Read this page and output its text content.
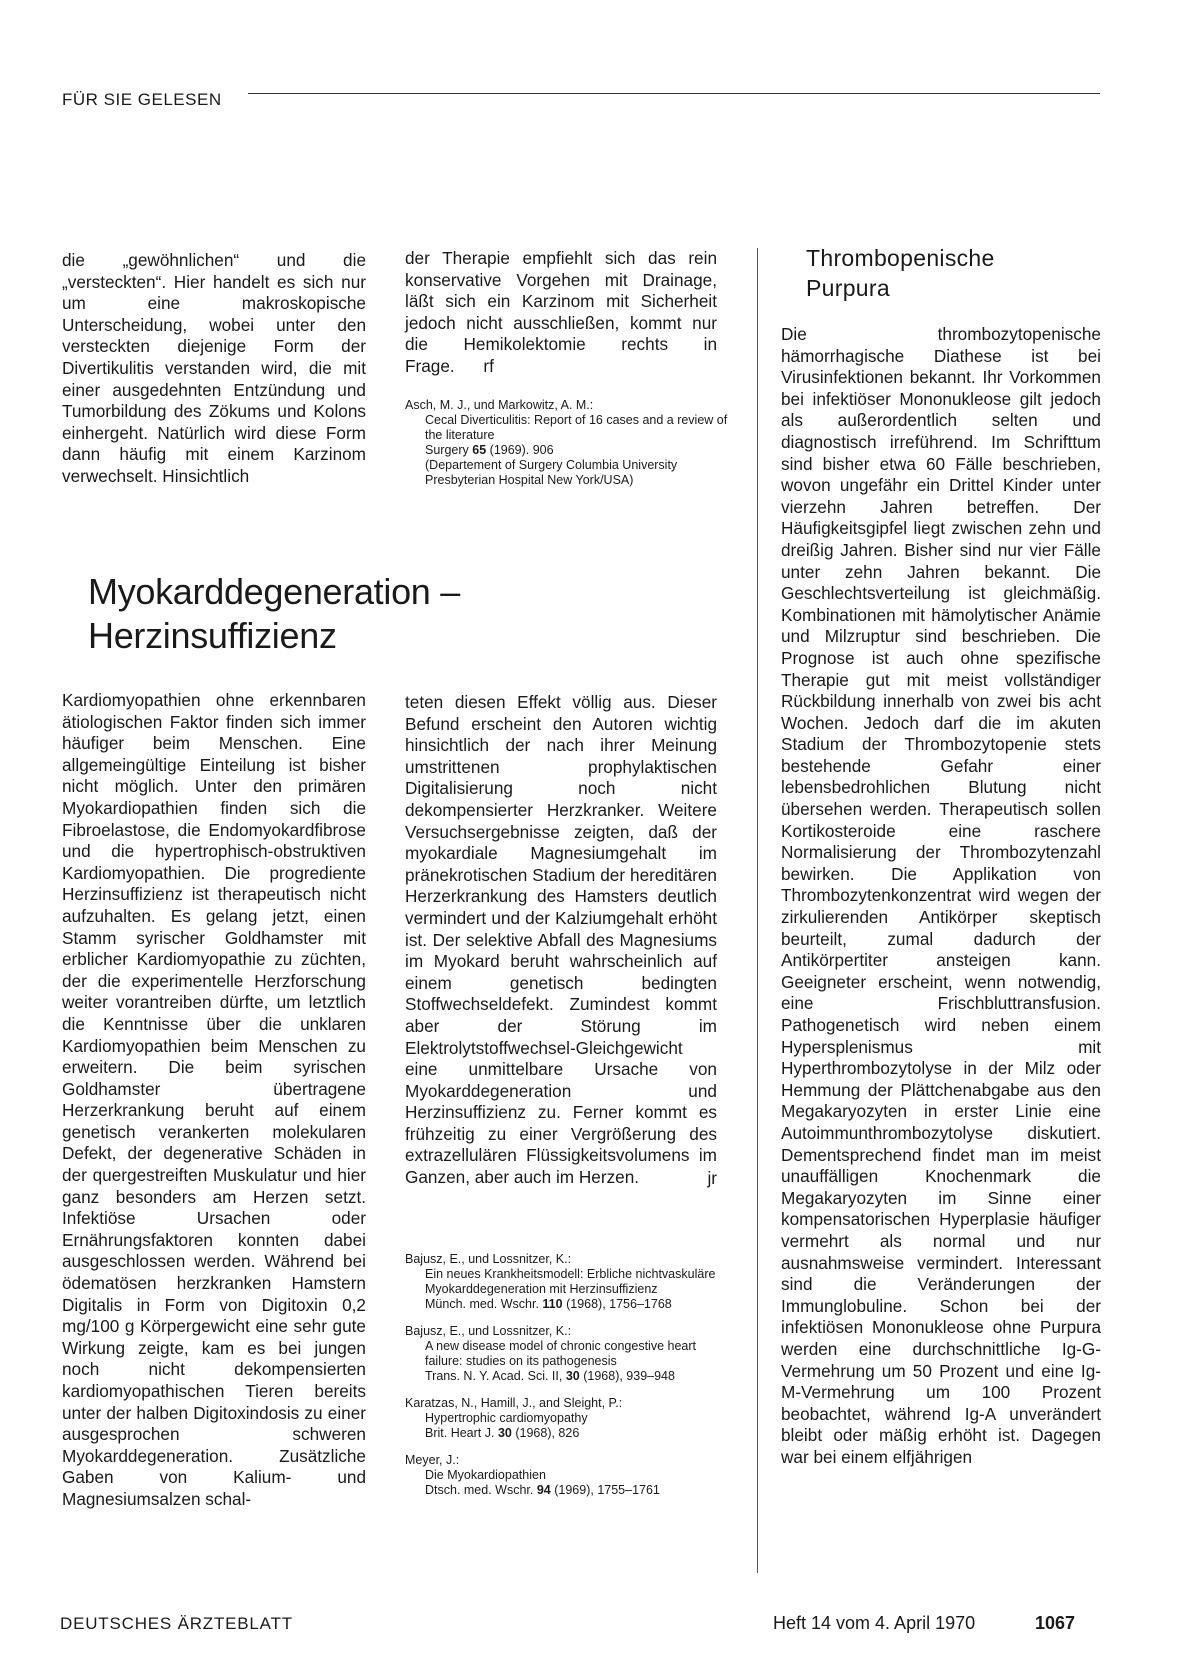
FÜR SIE GELESEN

die „gewöhnlichen“ und die „versteckten“. Hier handelt es sich nur um eine makroskopische Unterscheidung, wobei unter den versteckten diejenige Form der Divertikulitis verstanden wird, die mit einer ausgedehnten Entzündung und Tumorbildung des Zökums und Kolons einhergeht. Natürlich wird diese Form dann häufig mit einem Karzinom verwechselt. Hinsichtlich

der Therapie empfiehlt sich das rein konservative Vorgehen mit Drainage, läßt sich ein Karzinom mit Sicherheit jedoch nicht ausschließen, kommt nur die Hemikolektomie rechts in Frage. rf

Asch, M. J., und Markowitz, A. M.:
Cecal Diverticulitis: Report of 16 cases and a review of the literature
Surgery 65 (1969). 906
(Departement of Surgery Columbia University Presbyterian Hospital New York/USA)
Myokarddegeneration – Herzinsuffizienz

Kardiomyopathien ohne erkennbaren ätiologischen Faktor finden sich immer häufiger beim Menschen. Eine allgemeingültige Einteilung ist bisher nicht möglich. Unter den primären Myokardiopathien finden sich die Fibroelastose, die Endomyokardfibrose und die hypertrophisch-obstruktiven Kardiomyopathien. Die progrediente Herzinsuffizienz ist therapeutisch nicht aufzuhalten. Es gelang jetzt, einen Stamm syrischer Goldhamster mit erblicher Kardiomyopathie zu züchten, der die experimentelle Herzforschung weiter vorantreiben dürfte, um letztlich die Kenntnisse über die unklaren Kardiomyopathien beim Menschen zu erweitern. Die beim syrischen Goldhamster übertragene Herzerkrankung beruht auf einem genetisch verankerten molekularen Defekt, der degenerative Schäden in der quergestreiften Muskulatur und hier ganz besonders am Herzen setzt. Infektiöse Ursachen oder Ernährungsfaktoren konnten dabei ausgeschlossen werden. Während bei ödematösen herzkranken Hamstern Digitalis in Form von Digitoxin 0,2 mg/100 g Körpergewicht eine sehr gute Wirkung zeigte, kam es bei jungen noch nicht dekompensierten kardiomyopathischen Tieren bereits unter der halben Digitoxindosis zu einer ausgesprochen schweren Myokarddegeneration. Zusätzliche Gaben von Kalium- und Magnesiumsalzen schal-

teten diesen Effekt völlig aus. Dieser Befund erscheint den Autoren wichtig hinsichtlich der nach ihrer Meinung umstrittenen prophylaktischen Digitalisierung noch nicht dekompensierter Herzkranker. Weitere Versuchsergebnisse zeigten, daß der myokardiale Magnesiumgehalt im pränekrotischen Stadium der hereditären Herzerkrankung des Hamsters deutlich vermindert und der Kalziumgehalt erhöht ist. Der selektive Abfall des Magnesiums im Myokard beruht wahrscheinlich auf einem genetisch bedingten Stoffwechseldefekt. Zumindest kommt aber der Störung im Elektrolytstoffwechsel-Gleichgewicht eine unmittelbare Ursache von Myokarddegeneration und Herzinsuffizienz zu. Ferner kommt es frühzeitig zu einer Vergrößerung des extrazellulären Flüssigkeitsvolumens im Ganzen, aber auch im Herzen.	jr
Bajusz, E., und Lossnitzer, K.:
Ein neues Krankheitsmodell: Erbliche nichtvaskuläre Myokarddegeneration mit Herzinsuffizienz
Münch. med. Wschr. 110 (1968), 1756–1768
Bajusz, E., und Lossnitzer, K.:
A new disease model of chronic congestive heart failure: studies on its pathogenesis
Trans. N. Y. Acad. Sci. II, 30 (1968), 939–948
Karatzas, N., Hamill, J., and Sleight, P.:
Hypertrophic cardiomyopathy
Brit. Heart J. 30 (1968), 826
Meyer, J.:
Die Myokardiopathien
Dtsch. med. Wschr. 94 (1969), 1755–1761
Thrombopenische Purpura

Die thrombozytopenische hämorrhagische Diathese ist bei Virusinfektionen bekannt. Ihr Vorkommen bei infektiöser Mononukleose gilt jedoch als außerordentlich selten und diagnostisch irreführend. Im Schrifttum sind bisher etwa 60 Fälle beschrieben, wovon ungefähr ein Drittel Kinder unter vierzehn Jahren betreffen. Der Häufigkeitsgipfel liegt zwischen zehn und dreißig Jahren. Bisher sind nur vier Fälle unter zehn Jahren bekannt. Die Geschlechtsverteilung ist gleichmäßig. Kombinationen mit hämolytischer Anämie und Milzruptur sind beschrieben. Die Prognose ist auch ohne spezifische Therapie gut mit meist vollständiger Rückbildung innerhalb von zwei bis acht Wochen. Jedoch darf die im akuten Stadium der Thrombozytopenie stets bestehende Gefahr einer lebensbedrohlichen Blutung nicht übersehen werden. Therapeutisch sollen Kortikosteroide eine raschere Normalisierung der Thrombozytenzahl bewirken. Die Applikation von Thrombozytenkonzentrat wird wegen der zirkulierenden Antikörper skeptisch beurteilt, zumal dadurch der Antikörpertiter ansteigen kann. Geeigneter erscheint, wenn notwendig, eine Frischbluttransfusion. Pathogenetisch wird neben einem Hypersplenismus mit Hyperthrombozytolyse in der Milz oder Hemmung der Plättchenabgabe aus den Megakaryozyten in erster Linie eine Autoimmunthrombozytolyse diskutiert. Dementsprechend findet man im meist unauffälligen Knochenmark die Megakaryozyten im Sinne einer kompensatorischen Hyperplasie häufiger vermehrt als normal und nur ausnahmsweise vermindert. Interessant sind die Veränderungen der Immunglobuline. Schon bei der infektiösen Mononukleose ohne Purpura werden eine durchschnittliche Ig-G-Vermehrung um 50 Prozent und eine Ig-M-Vermehrung um 100 Prozent beobachtet, während Ig-A unverändert bleibt oder mäßig erhöht ist. Dagegen war bei einem elfjährigen

DEUTSCHES ÄRZTEBLATT	Heft 14 vom 4. April 1970	1067
